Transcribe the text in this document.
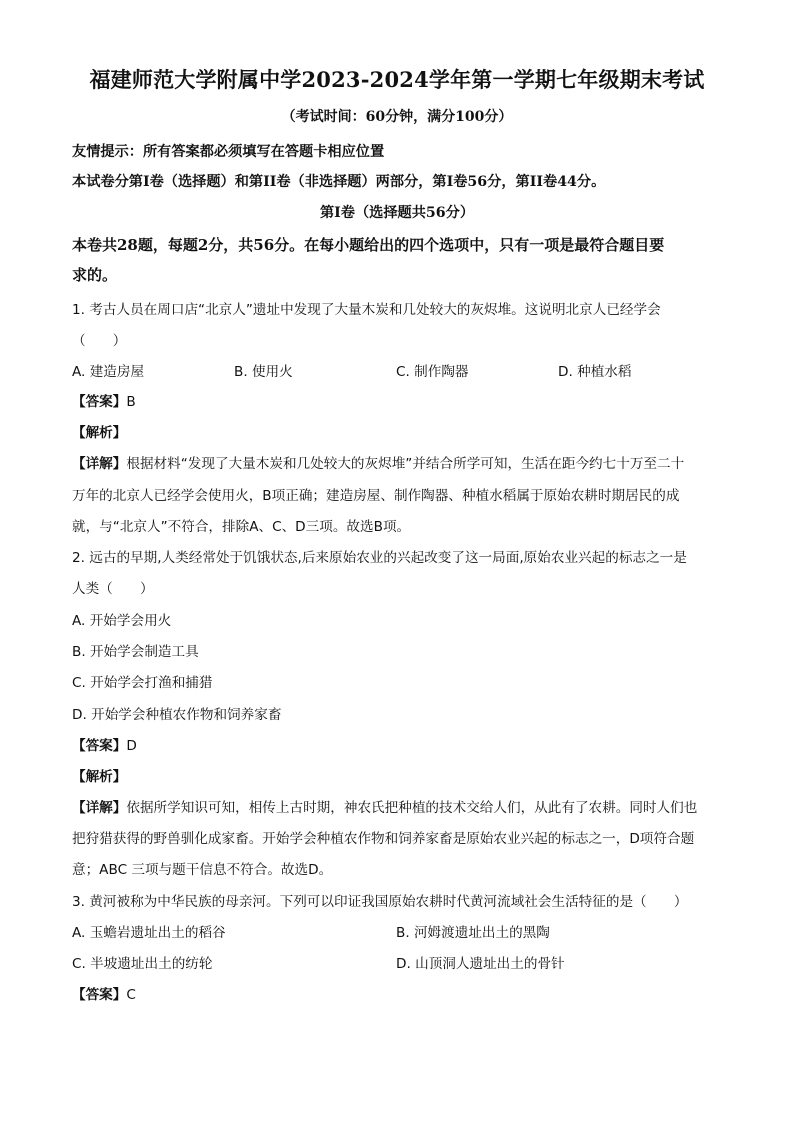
福建师范大学附属中学2023-2024学年第一学期七年级期末考试
（考试时间：60分钟，满分100分）
友情提示：所有答案都必须填写在答题卡相应位置
本试卷分第Ⅰ卷（选择题）和第II卷（非选择题）两部分，第Ⅰ卷56分，第II卷44分。
第Ⅰ卷（选择题共56分）
本卷共28题，每题2分，共56分。在每小题给出的四个选项中，只有一项是最符合题目要
求的。
1. 考古人员在周口店“北京人”遗址中发现了大量木炭和几处较大的灰烬堆。这说明北京人已经学会
（　　）
A. 建造房屋	B. 使用火	C. 制作陶器	D. 种植水稻
【答案】B
【解析】
【详解】根据材料“发现了大量木炭和几处较大的灰烬堆”并结合所学可知，生活在距今约七十万至二十
万年的北京人已经学会使用火，B项正确；建造房屋、制作陶器、种植水稻属于原始农耕时期居民的成
就，与“北京人”不符合，排除A、C、D三项。故选B项。
2. 远古的早期,人类经常处于饥饿状态,后来原始农业的兴起改变了这一局面,原始农业兴起的标志之一是
人类（　　）
A. 开始学会用火
B. 开始学会制造工具
C. 开始学会打渔和捕猎
D. 开始学会种植农作物和饲养家畜
【答案】D
【解析】
【详解】依据所学知识可知，相传上古时期，神农氏把种植的技术交给人们，从此有了农耕。同时人们也
把狩猎获得的野兽驯化成家畜。开始学会种植农作物和饲养家畜是原始农业兴起的标志之一，D项符合题
意；ABC 三项与题干信息不符合。故选D。
3. 黄河被称为中华民族的母亲河。下列可以印证我国原始农耕时代黄河流域社会生活特征的是（　　）
A. 玉蟾岩遗址出土的稻谷	B. 河姆渡遗址出土的黑陶
C. 半坡遗址出土的纺轮	D. 山顶洞人遗址出土的骨针
【答案】C
